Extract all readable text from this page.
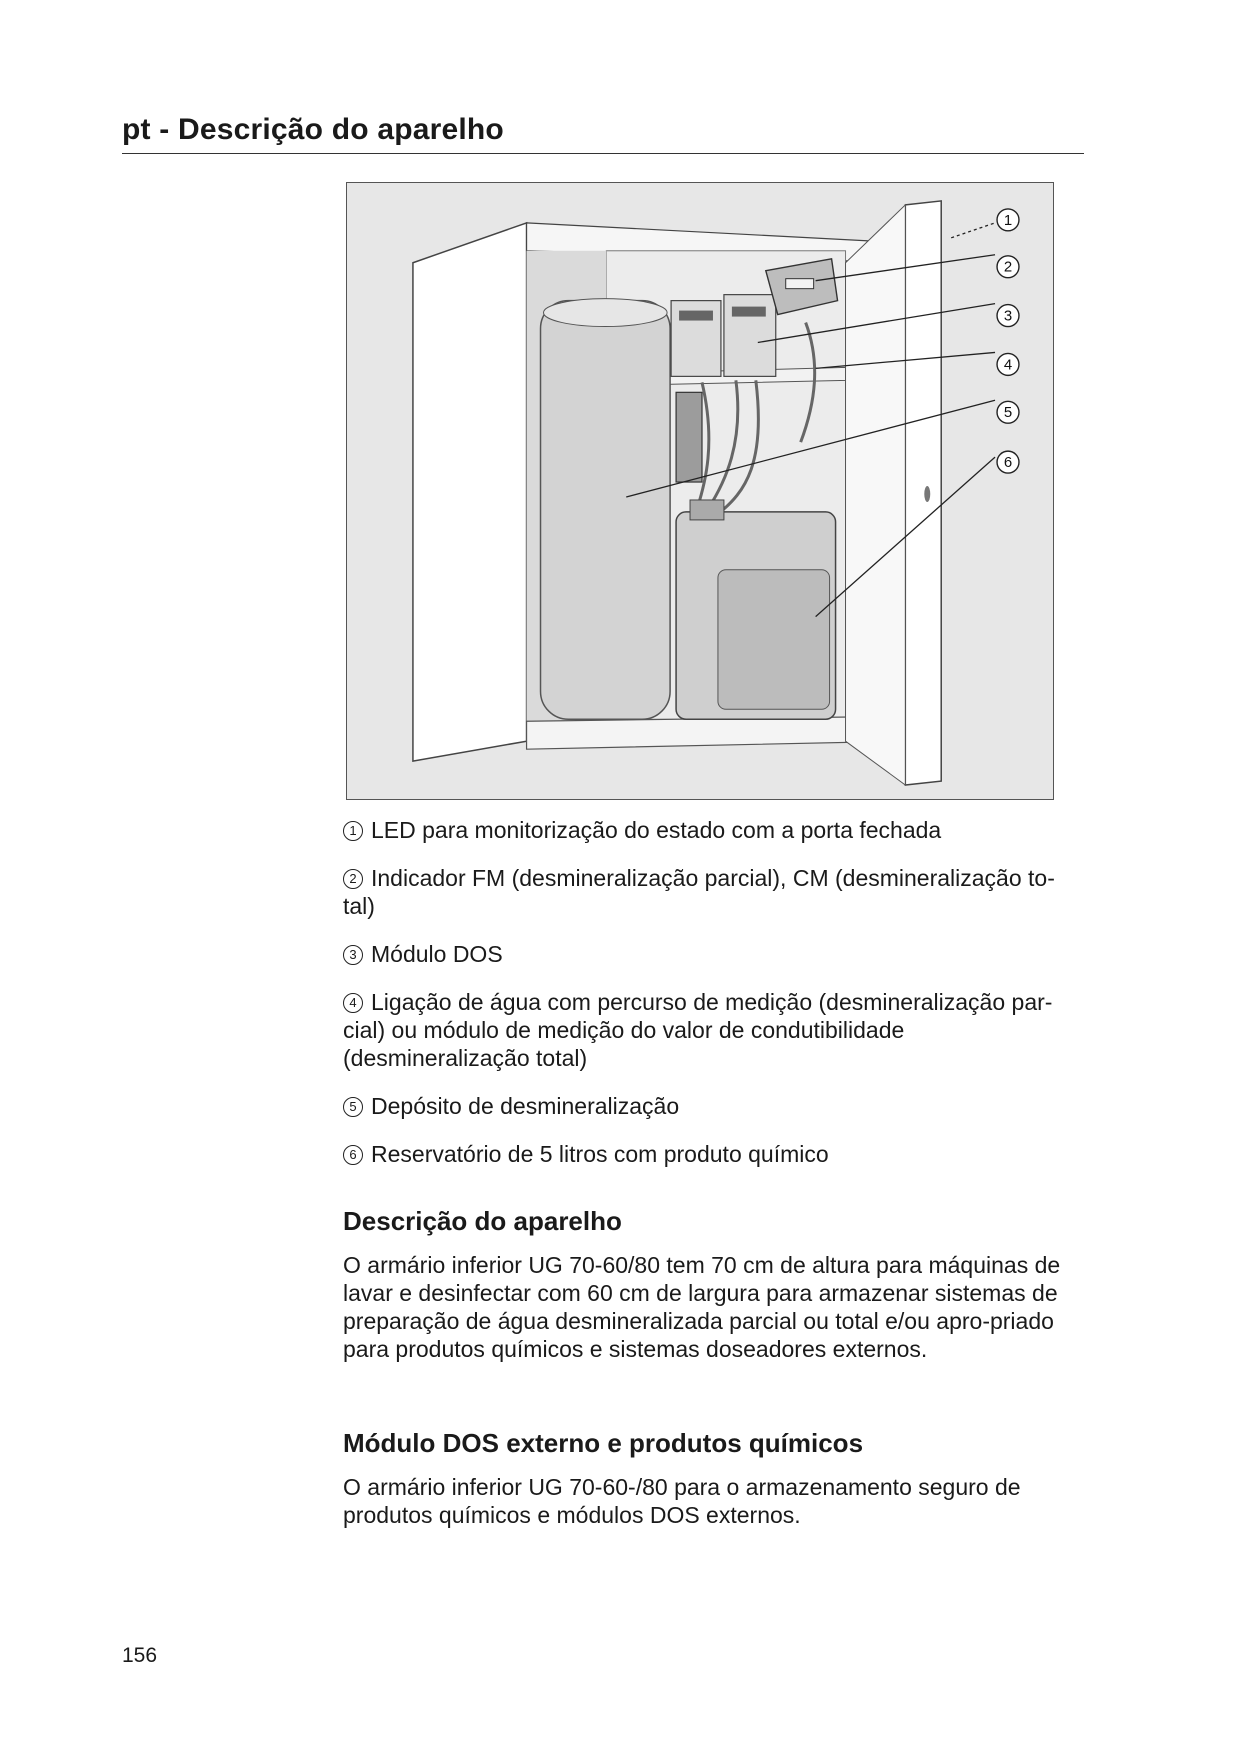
pt - Descrição do aparelho
1
2
3
4
5
6

1 LED para monitorização do estado com a porta fechada

2 Indicador FM (desmineralização parcial), CM (desmineralização to-tal)

3 Módulo DOS

4 Ligação de água com percurso de medição (desmineralização par-cial) ou módulo de medição do valor de condutibilidade (desmineralização total)

5 Depósito de desmineralização

6 Reservatório de 5 litros com produto químico

Descrição do aparelho

O armário inferior UG 70-60/80 tem 70 cm de altura para máquinas de lavar e desinfectar com 60 cm de largura para armazenar sistemas de preparação de água desmineralizada parcial ou total e/ou apro-priado para produtos químicos e sistemas doseadores externos.

Módulo DOS externo e produtos químicos

O armário inferior UG 70-60-/80 para o armazenamento seguro de produtos químicos e módulos DOS externos.

156
